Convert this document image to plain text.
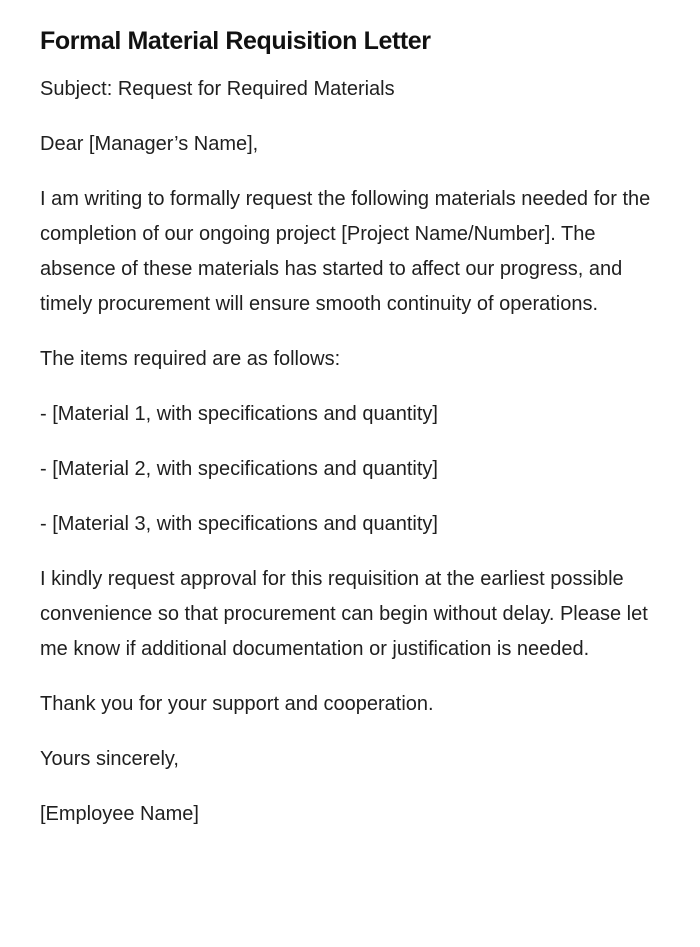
Formal Material Requisition Letter

Subject: Request for Required Materials

Dear [Manager’s Name],

I am writing to formally request the following materials needed for the completion of our ongoing project [Project Name/Number]. The absence of these materials has started to affect our progress, and timely procurement will ensure smooth continuity of operations.

The items required are as follows:

- [Material 1, with specifications and quantity]
- [Material 2, with specifications and quantity]
- [Material 3, with specifications and quantity]

I kindly request approval for this requisition at the earliest possible convenience so that procurement can begin without delay. Please let me know if additional documentation or justification is needed.

Thank you for your support and cooperation.

Yours sincerely,

[Employee Name]
